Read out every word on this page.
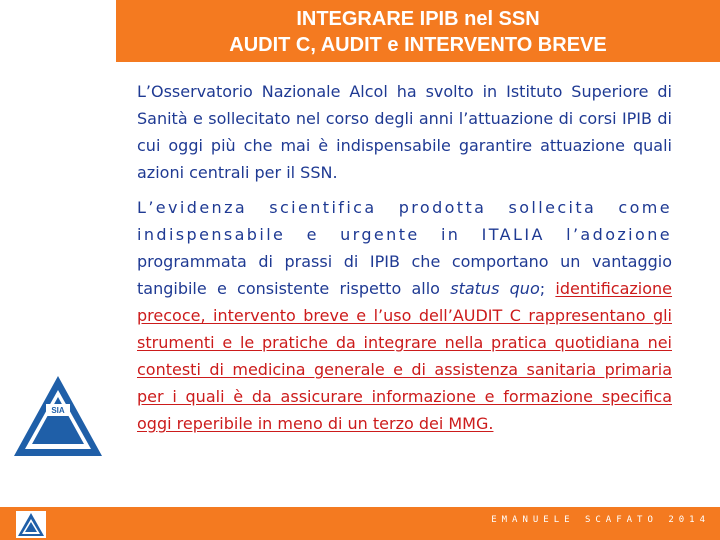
INTEGRARE IPIB nel SSN
AUDIT C, AUDIT e INTERVENTO BREVE

L’Osservatorio Nazionale Alcol ha svolto in Istituto Superiore di Sanità e sollecitato nel corso degli anni l’attuazione di corsi IPIB di cui oggi più che mai è indispensabile garantire attuazione quali azioni centrali per il SSN.

L’evidenza scientifica prodotta sollecita come indispensabile e urgente in ITALIA l’adozione programmata di prassi di IPIB che comportano un vantaggio tangibile e consistente rispetto allo status quo; identificazione precoce, intervento breve e l’uso dell’AUDIT C rappresentano gli strumenti e le pratiche da integrare nella pratica quotidiana nei contesti di medicina generale e di assistenza sanitaria primaria per i quali è da assicurare informazione e formazione specifica oggi reperibile in meno di un terzo dei MMG.

SIA
EMANUELE SCAFATO 2014
